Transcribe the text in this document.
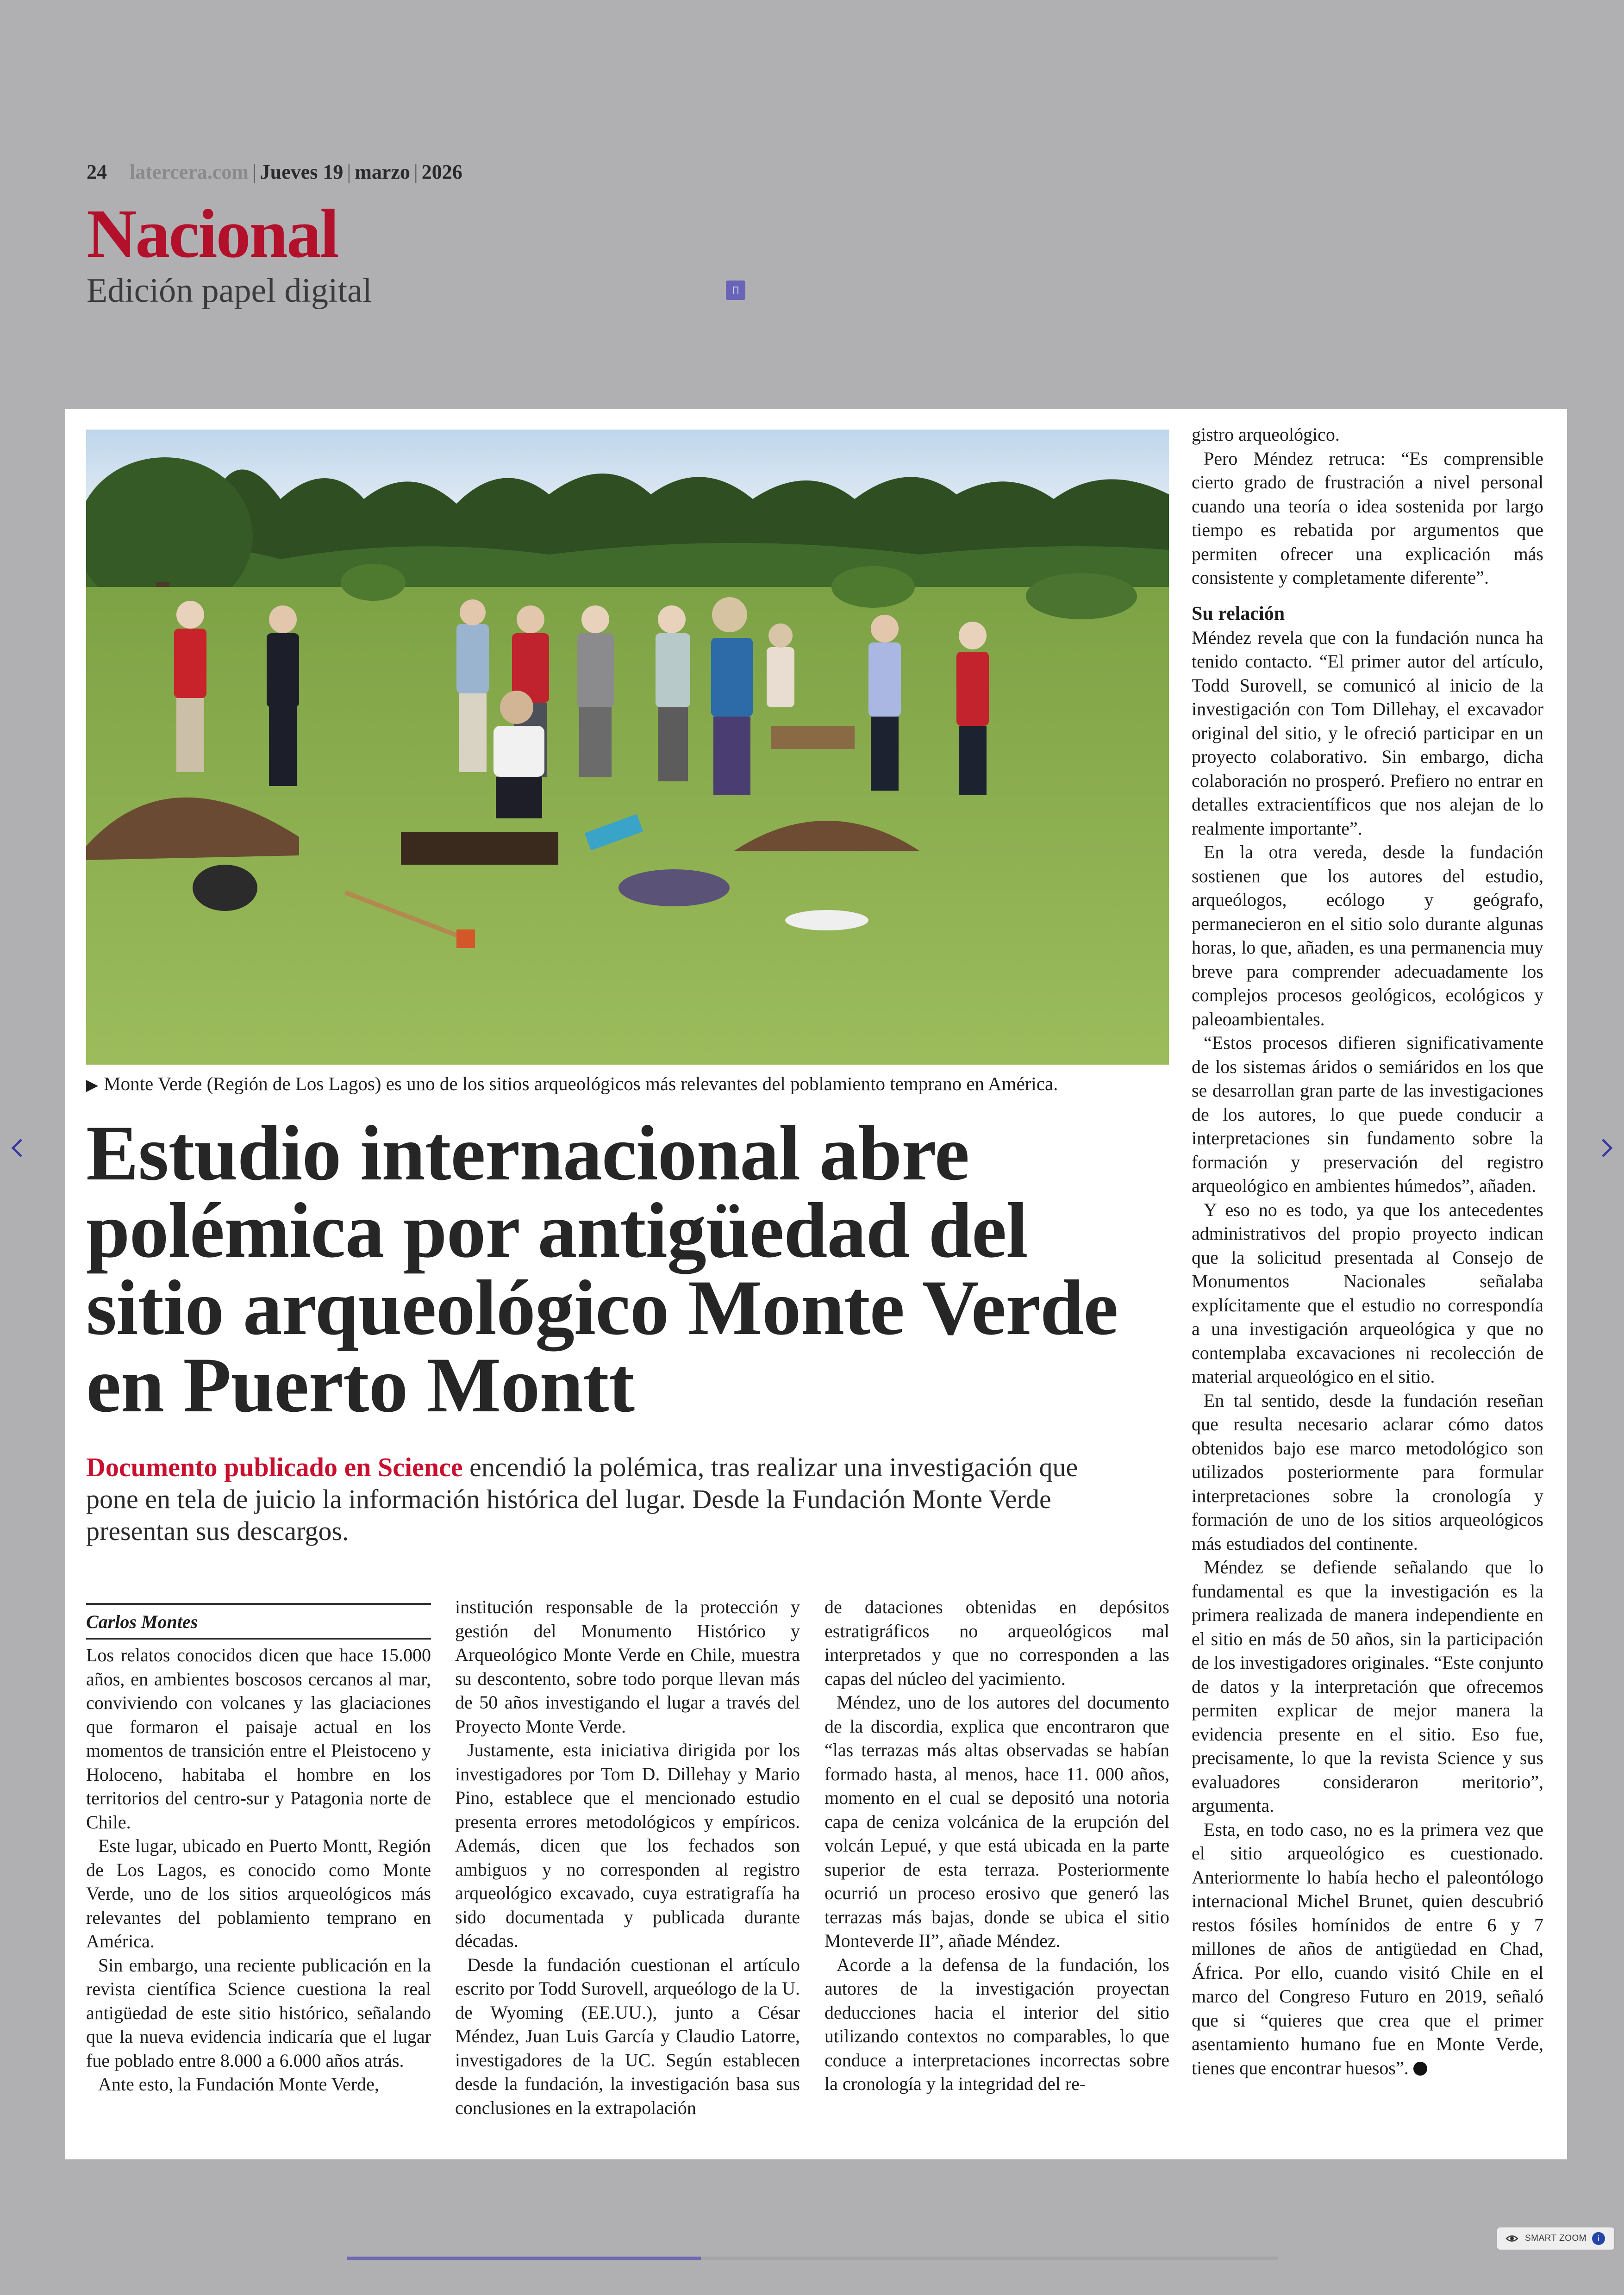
24 latercera.com | Jueves 19 | marzo | 2026
Nacional
Edición papel digital
▶ Monte Verde (Región de Los Lagos) es uno de los sitios arqueológicos más relevantes del poblamiento temprano en América.
Estudio internacional abre polémica por antigüedad del sitio arqueológico Monte Verde en Puerto Montt

Documento publicado en Science encendió la polémica, tras realizar una investigación que pone en tela de juicio la información histórica del lugar. Desde la Fundación Monte Verde presentan sus descargos.

Carlos Montes

Los relatos conocidos dicen que hace 15.000 años, en ambientes boscosos cercanos al mar, conviviendo con volcanes y las glaciaciones que formaron el paisaje actual en los momentos de transición entre el Pleistoceno y Holoceno, habitaba el hombre en los territorios del centro-sur y Patagonia norte de Chile.

Este lugar, ubicado en Puerto Montt, Región de Los Lagos, es conocido como Monte Verde, uno de los sitios arqueológicos más relevantes del poblamiento temprano en América.

Sin embargo, una reciente publicación en la revista científica Science cuestiona la real antigüedad de este sitio histórico, señalando que la nueva evidencia indicaría que el lugar fue poblado entre 8.000 a 6.000 años atrás.

Ante esto, la Fundación Monte Verde,

institución responsable de la protección y gestión del Monumento Histórico y Arqueológico Monte Verde en Chile, muestra su descontento, sobre todo porque llevan más de 50 años investigando el lugar a través del Proyecto Monte Verde.

Justamente, esta iniciativa dirigida por los investigadores por Tom D. Dillehay y Mario Pino, establece que el mencionado estudio presenta errores metodológicos y empíricos. Además, dicen que los fechados son ambiguos y no corresponden al registro arqueológico excavado, cuya estratigrafía ha sido documentada y publicada durante décadas.

Desde la fundación cuestionan el artículo escrito por Todd Surovell, arqueólogo de la U. de Wyoming (EE.UU.), junto a César Méndez, Juan Luis García y Claudio Latorre, investigadores de la UC. Según establecen desde la fundación, la investigación basa sus conclusiones en la extrapolación

de dataciones obtenidas en depósitos estratigráficos no arqueológicos mal interpretados y que no corresponden a las capas del núcleo del yacimiento.

Méndez, uno de los autores del documento de la discordia, explica que encontraron que “las terrazas más altas observadas se habían formado hasta, al menos, hace 11. 000 años, momento en el cual se depositó una notoria capa de ceniza volcánica de la erupción del volcán Lepué, y que está ubicada en la parte superior de esta terraza. Posteriormente ocurrió un proceso erosivo que generó las terrazas más bajas, donde se ubica el sitio Monteverde II”, añade Méndez.

Acorde a la defensa de la fundación, los autores de la investigación proyectan deducciones hacia el interior del sitio utilizando contextos no comparables, lo que conduce a interpretaciones incorrectas sobre la cronología y la integridad del re-

gistro arqueológico.

Pero Méndez retruca: “Es comprensible cierto grado de frustración a nivel personal cuando una teoría o idea sostenida por largo tiempo es rebatida por argumentos que permiten ofrecer una explicación más consistente y completamente diferente”.

Su relación

Méndez revela que con la fundación nunca ha tenido contacto. “El primer autor del artículo, Todd Surovell, se comunicó al inicio de la investigación con Tom Dillehay, el excavador original del sitio, y le ofreció participar en un proyecto colaborativo. Sin embargo, dicha colaboración no prosperó. Prefiero no entrar en detalles extracientíficos que nos alejan de lo realmente importante”.

En la otra vereda, desde la fundación sostienen que los autores del estudio, arqueólogos, ecólogo y geógrafo, permanecieron en el sitio solo durante algunas horas, lo que, añaden, es una permanencia muy breve para comprender adecuadamente los complejos procesos geológicos, ecológicos y paleoambientales.

“Estos procesos difieren significativamente de los sistemas áridos o semiáridos en los que se desarrollan gran parte de las investigaciones de los autores, lo que puede conducir a interpretaciones sin fundamento sobre la formación y preservación del registro arqueológico en ambientes húmedos”, añaden.

Y eso no es todo, ya que los antecedentes administrativos del propio proyecto indican que la solicitud presentada al Consejo de Monumentos Nacionales señalaba explícitamente que el estudio no correspondía a una investigación arqueológica y que no contemplaba excavaciones ni recolección de material arqueológico en el sitio.

En tal sentido, desde la fundación reseñan que resulta necesario aclarar cómo datos obtenidos bajo ese marco metodológico son utilizados posteriormente para formular interpretaciones sobre la cronología y formación de uno de los sitios arqueológicos más estudiados del continente.

Méndez se defiende señalando que lo fundamental es que la investigación es la primera realizada de manera independiente en el sitio en más de 50 años, sin la participación de los investigadores originales. “Este conjunto de datos y la interpretación que ofrecemos permiten explicar de mejor manera la evidencia presente en el sitio. Eso fue, precisamente, lo que la revista Science y sus evaluadores consideraron meritorio”, argumenta.

Esta, en todo caso, no es la primera vez que el sitio arqueológico es cuestionado. Anteriormente lo había hecho el paleontólogo internacional Michel Brunet, quien descubrió restos fósiles homínidos de entre 6 y 7 millones de años de antigüedad en Chad, África. Por ello, cuando visitó Chile en el marco del Congreso Futuro en 2019, señaló que si “quieres que crea que el primer asentamiento humano fue en Monte Verde, tienes que encontrar huesos”.

SMART ZOOM	i
